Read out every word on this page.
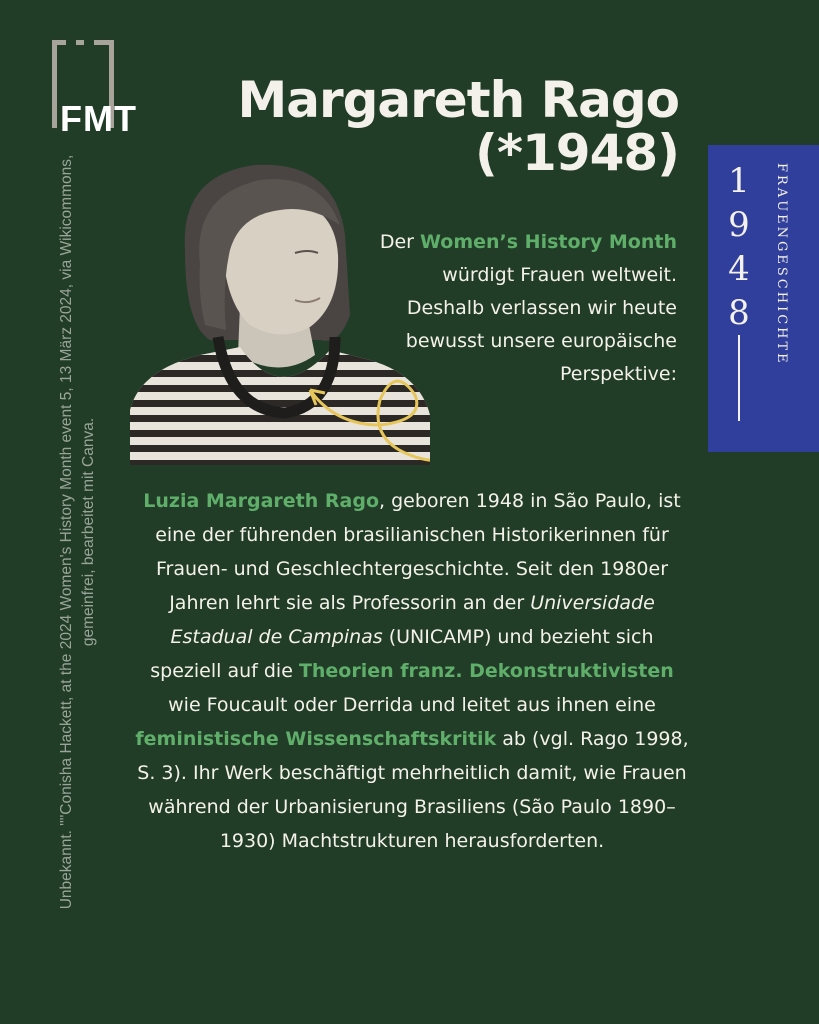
FMT
Unbekannt. ""Conisha Hackett, at the 2024 Women's History Month event 5, 13 März 2024, via Wikicommons, gemeinfrei, bearbeitet mit Canva.
Margareth Rago
(*1948)
Der Women’s History Month würdigt Frauen weltweit. Deshalb verlassen wir heute bewusst unsere europäische Perspektive:
Luzia Margareth Rago, geboren 1948 in São Paulo, ist eine der führenden brasilianischen Historikerinnen für Frauen- und Geschlechtergeschichte. Seit den 1980er Jahren lehrt sie als Professorin an der Universidade Estadual de Campinas (UNICAMP) und bezieht sich speziell auf die Theorien franz. Dekonstruktivisten wie Foucault oder Derrida und leitet aus ihnen eine feministische Wissenschaftskritik ab (vgl. Rago 1998, S. 3). Ihr Werk beschäftigt mehrheitlich damit, wie Frauen während der Urbanisierung Brasiliens (São Paulo 1890–1930) Machtstrukturen herausforderten.
1
9
4
8	FRAUENGESCHICHTE
